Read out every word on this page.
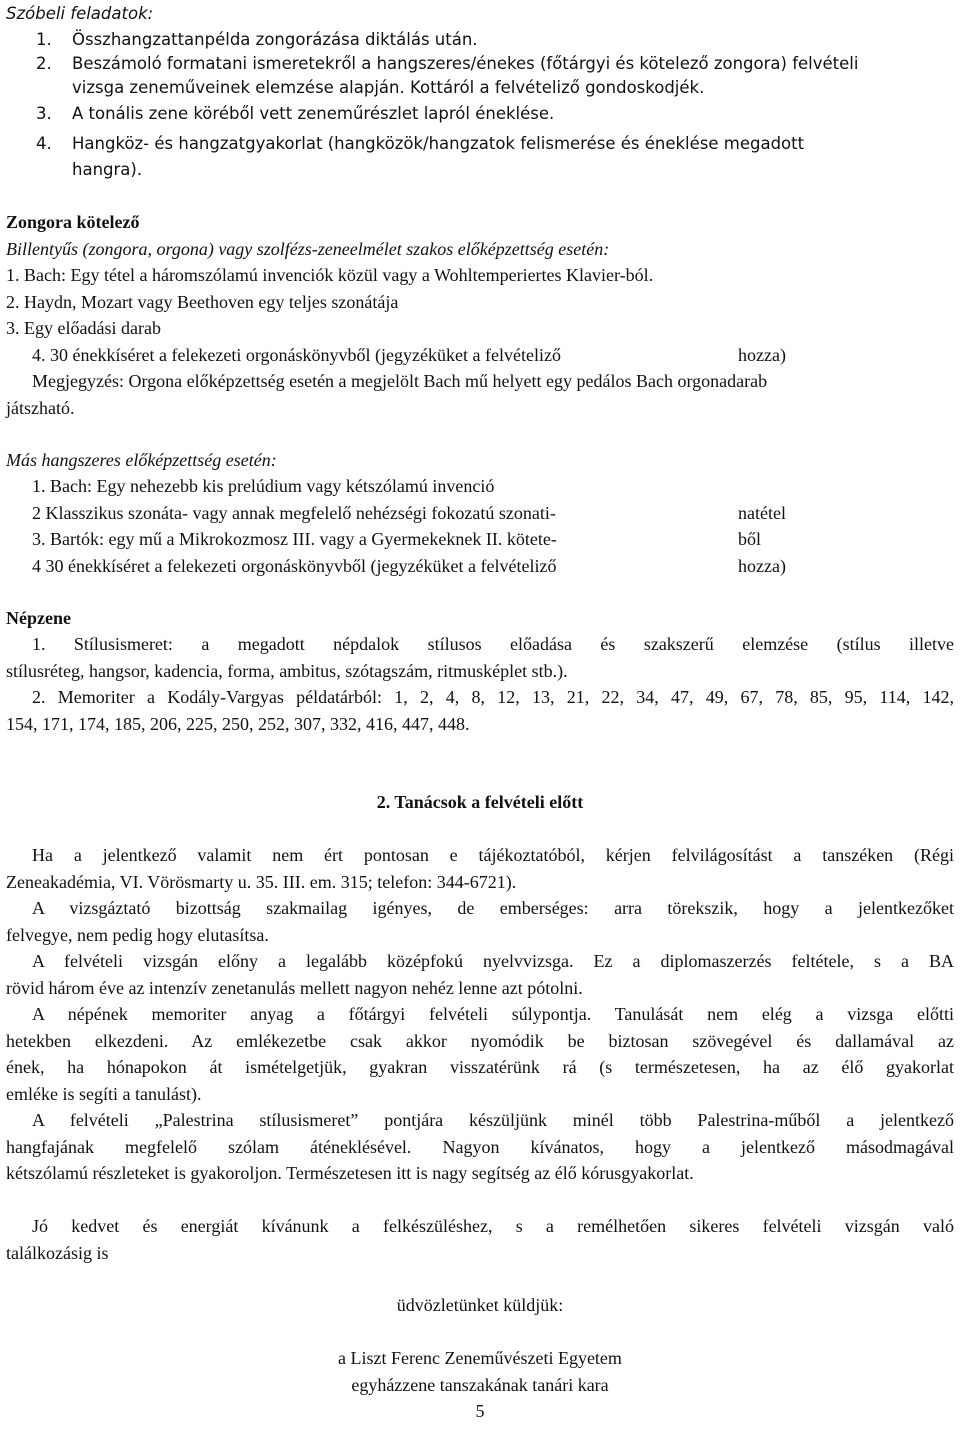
Szóbeli feladatok:
1. Összhangzattanpélda zongorázása diktálás után.
2. Beszámoló formatani ismeretekről a hangszeres/énekes (főtárgyi és kötelező zongora) felvételi
vizsga zeneműveinek elemzése alapján. Kottáról a felvételiző gondoskodjék.
3. A tonális zene köréből vett zeneműrészlet lapról éneklése.
4. Hangköz- és hangzatgyakorlat (hangközök/hangzatok felismerése és éneklése megadott
hangra).
Zongora kötelező
Billentyűs (zongora, orgona) vagy szolfézs-zeneelmélet szakos előképzettség esetén:
1. Bach: Egy tétel a háromszólamú invenciók közül vagy a Wohltemperiertes Klavier-ból.
2. Haydn, Mozart vagy Beethoven egy teljes szonátája
3. Egy előadási darab
4. 30 énekkíséret a felekezeti orgonáskönyvből (jegyzéküket a felvételiző	hozza)
Megjegyzés: Orgona előképzettség esetén a megjelölt Bach mű helyett egy pedálos Bach orgonadarab
játszható.
Más hangszeres előképzettség esetén:
1. Bach: Egy nehezebb kis prelúdium vagy kétszólamú invenció
2 Klasszikus szonáta- vagy annak megfelelő nehézségi fokozatú szonati-	natétel
3. Bartók: egy mű a Mikrokozmosz III. vagy a Gyermekeknek II. kötete-	ből
4 30 énekkíséret a felekezeti orgonáskönyvből (jegyzéküket a felvételiző	hozza)
Népzene
1. Stílusismeret: a megadott népdalok stílusos előadása és szakszerű elemzése (stílus illetve
stílusréteg, hangsor, kadencia, forma, ambitus, szótagszám, ritmusképlet stb.).
2. Memoriter a Kodály-Vargyas példatárból: 1, 2, 4, 8, 12, 13, 21, 22, 34, 47, 49, 67, 78, 85, 95, 114, 142,
154, 171, 174, 185, 206, 225, 250, 252, 307, 332, 416, 447, 448.
2. Tanácsok a felvételi előtt
Ha a jelentkező valamit nem ért pontosan e tájékoztatóból, kérjen felvilágosítást a tanszéken (Régi
Zeneakadémia, VI. Vörösmarty u. 35. III. em. 315; telefon: 344-6721).
A vizsgáztató bizottság szakmailag igényes, de emberséges: arra törekszik, hogy a jelentkezőket
felvegye, nem pedig hogy elutasítsa.
A felvételi vizsgán előny a legalább középfokú nyelvvizsga. Ez a diplomaszerzés feltétele, s a BA
rövid három éve az intenzív zenetanulás mellett nagyon nehéz lenne azt pótolni.
A népének memoriter anyag a főtárgyi felvételi súlypontja. Tanulását nem elég a vizsga előtti
hetekben elkezdeni. Az emlékezetbe csak akkor nyomódik be biztosan szövegével és dallamával az
ének, ha hónapokon át ismételgetjük, gyakran visszatérünk rá (s természetesen, ha az élő gyakorlat
emléke is segíti a tanulást).
A felvételi „Palestrina stílusismeret” pontjára készüljünk minél több Palestrina-műből a jelentkező
hangfajának megfelelő szólam áténeklésével. Nagyon kívánatos, hogy a jelentkező másodmagával
kétszólamú részleteket is gyakoroljon. Természetesen itt is nagy segítség az élő kórusgyakorlat.
Jó kedvet és energiát kívánunk a felkészüléshez, s a remélhetően sikeres felvételi vizsgán való
találkozásig is
üdvözletünket küldjük:
a Liszt Ferenc Zeneművészeti Egyetem
egyházzene tanszakának tanári kara
5
